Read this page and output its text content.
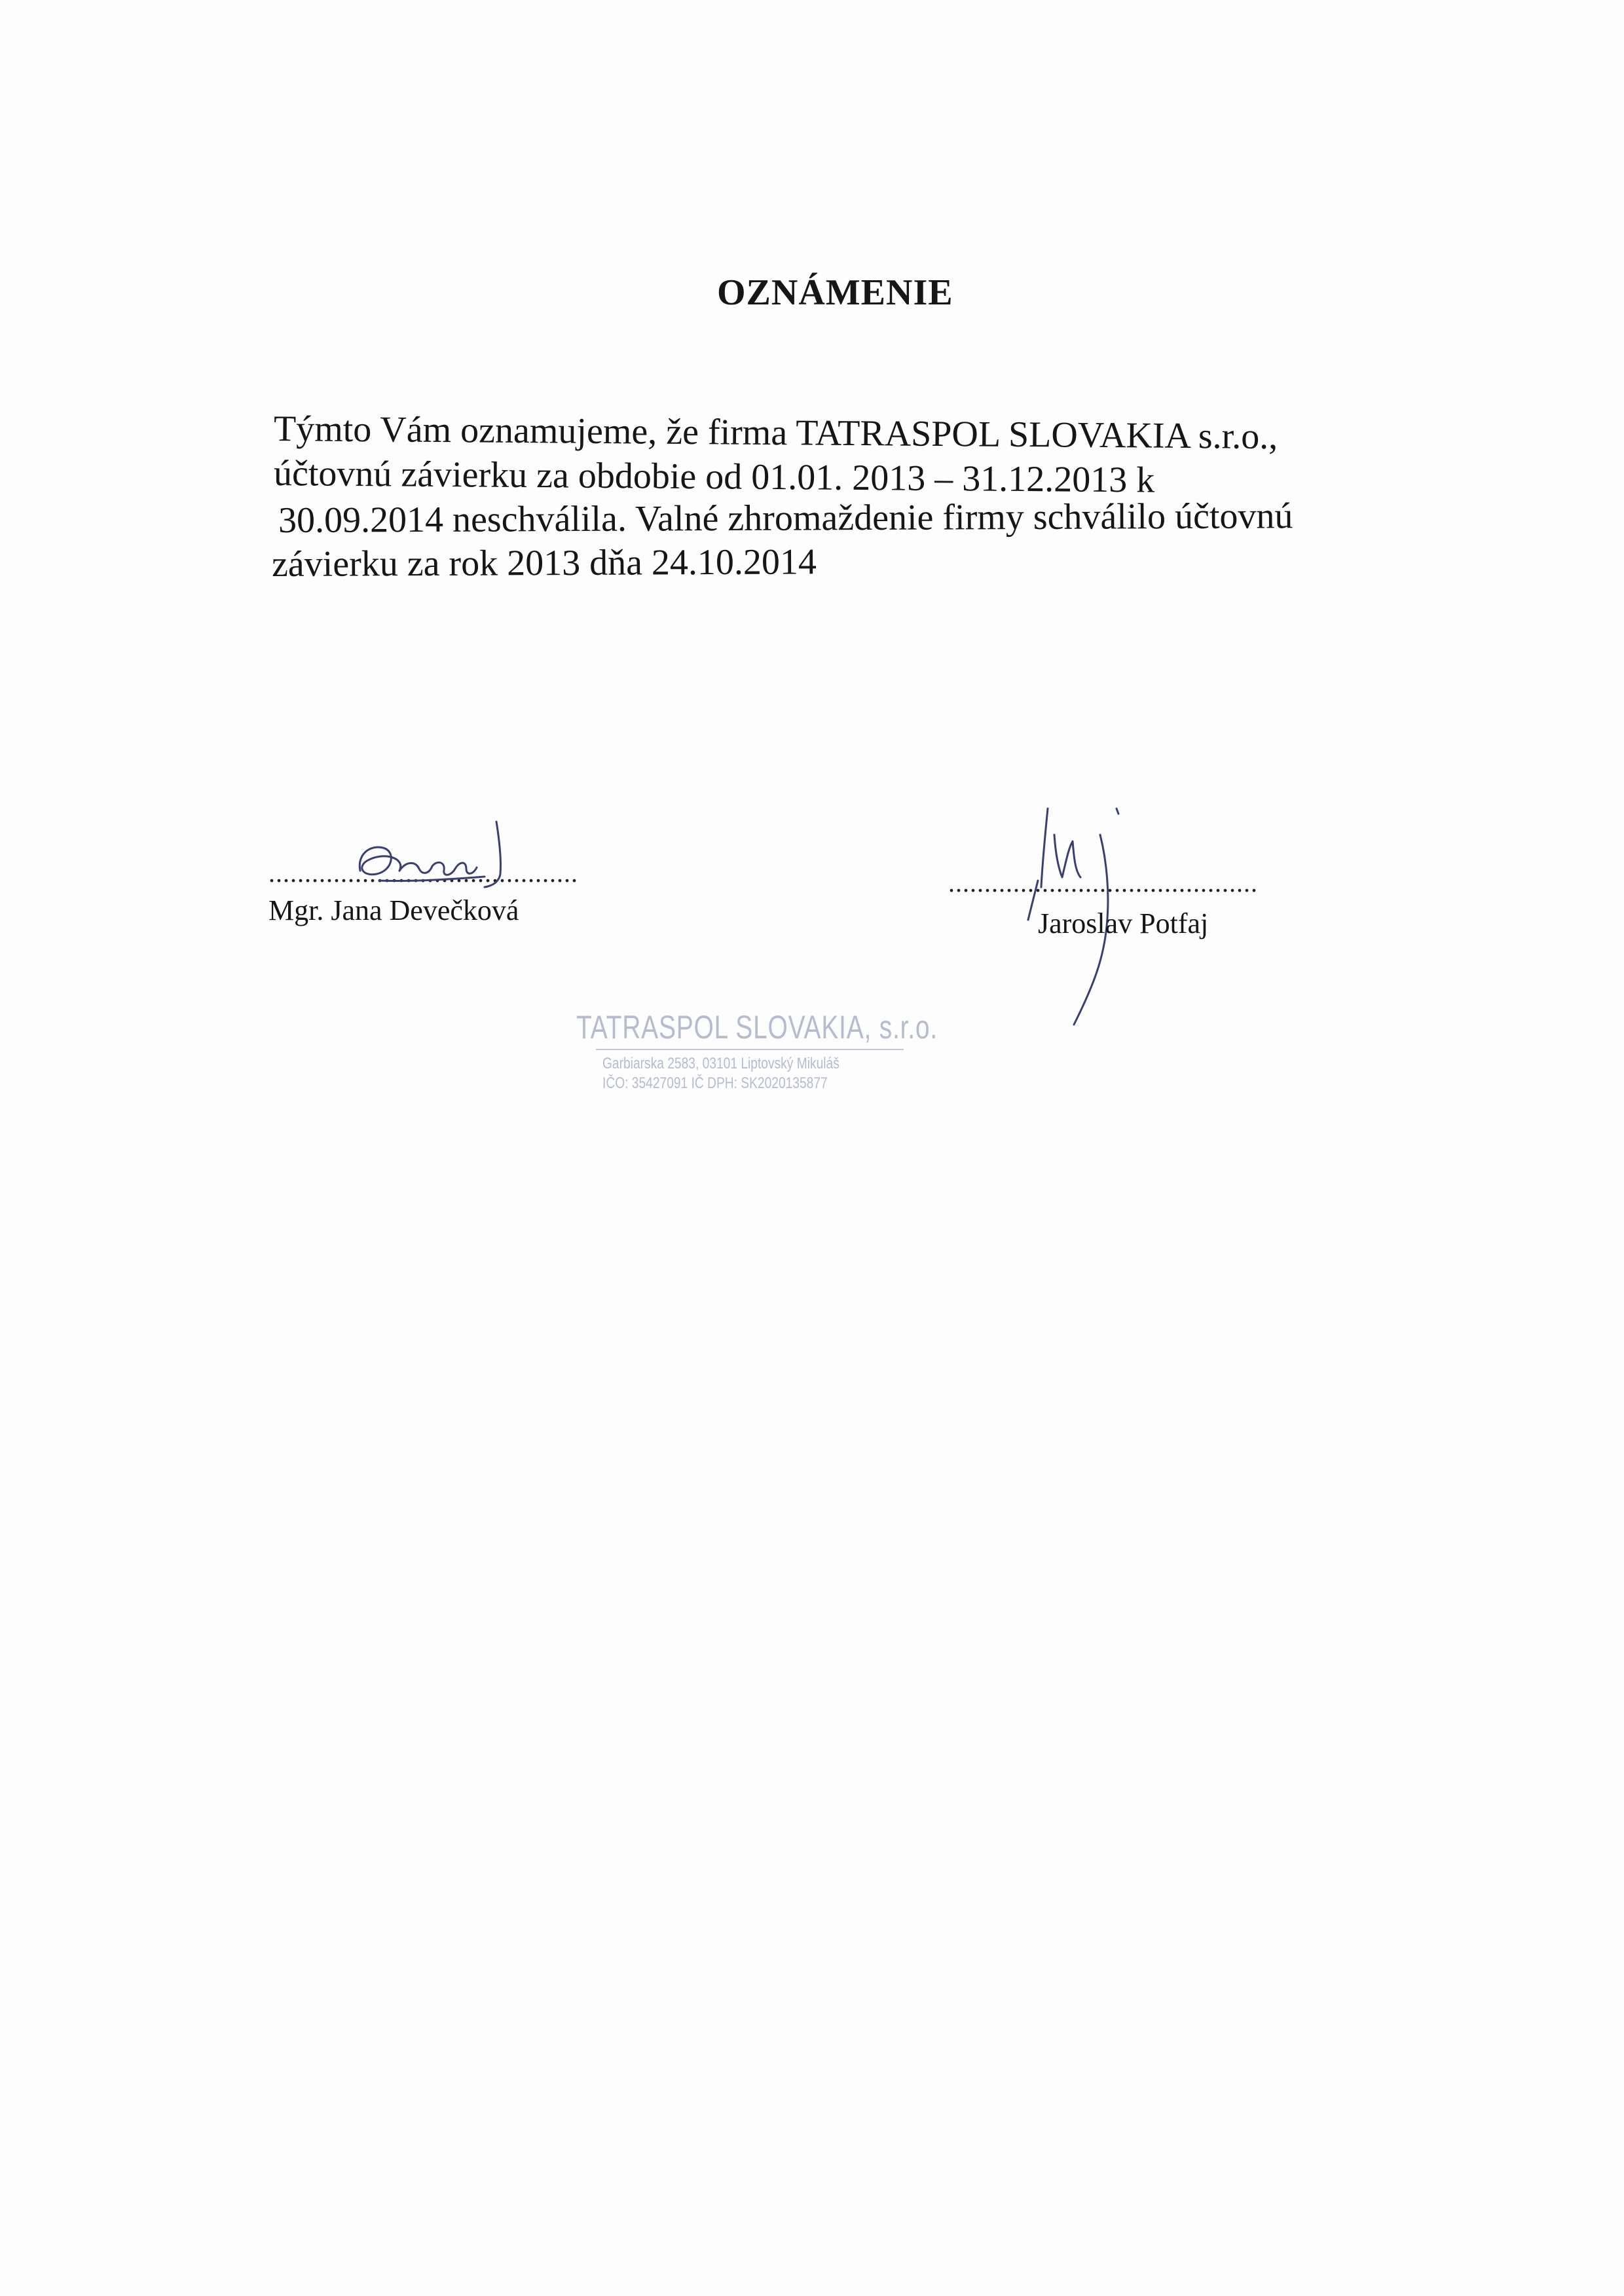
OZNÁMENIE
Týmto Vám oznamujeme, že firma TATRASPOL SLOVAKIA s.r.o.,
účtovnú závierku za obdobie od 01.01. 2013 – 31.12.2013 k
30.09.2014 neschválila. Valné zhromaždenie firmy schválilo účtovnú
závierku za rok 2013 dňa 24.10.2014
...........................................
Mgr. Jana Devečková
...........................................
Jaroslav Potfaj
TATRASPOL SLOVAKIA, s.r.o.
Garbiarska 2583, 03101 Liptovský Mikuláš
IČO: 35427091 IČ DPH: SK2020135877
